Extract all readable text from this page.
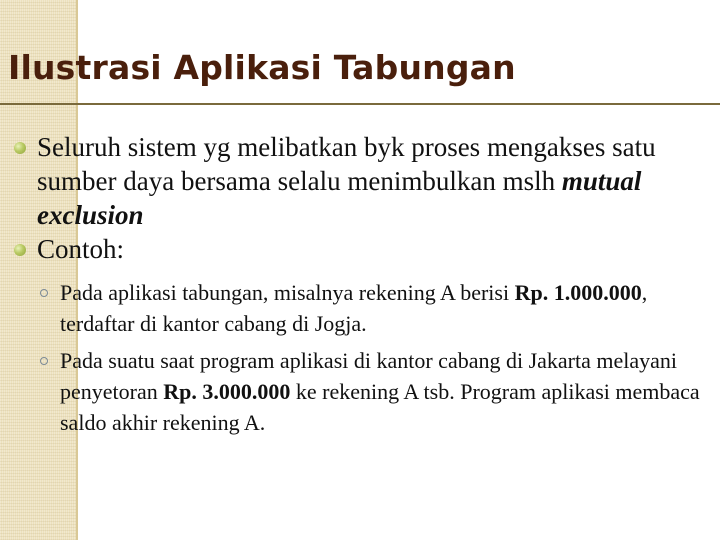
Ilustrasi Aplikasi Tabungan

Seluruh sistem yg melibatkan byk proses mengakses satu sumber daya bersama selalu menimbulkan mslh mutual exclusion

Contoh:

Pada aplikasi tabungan, misalnya rekening A berisi Rp. 1.000.000, terdaftar di kantor cabang di Jogja.

Pada suatu saat program aplikasi di kantor cabang di Jakarta melayani penyetoran Rp. 3.000.000 ke rekening A tsb. Program aplikasi membaca saldo akhir rekening A.
